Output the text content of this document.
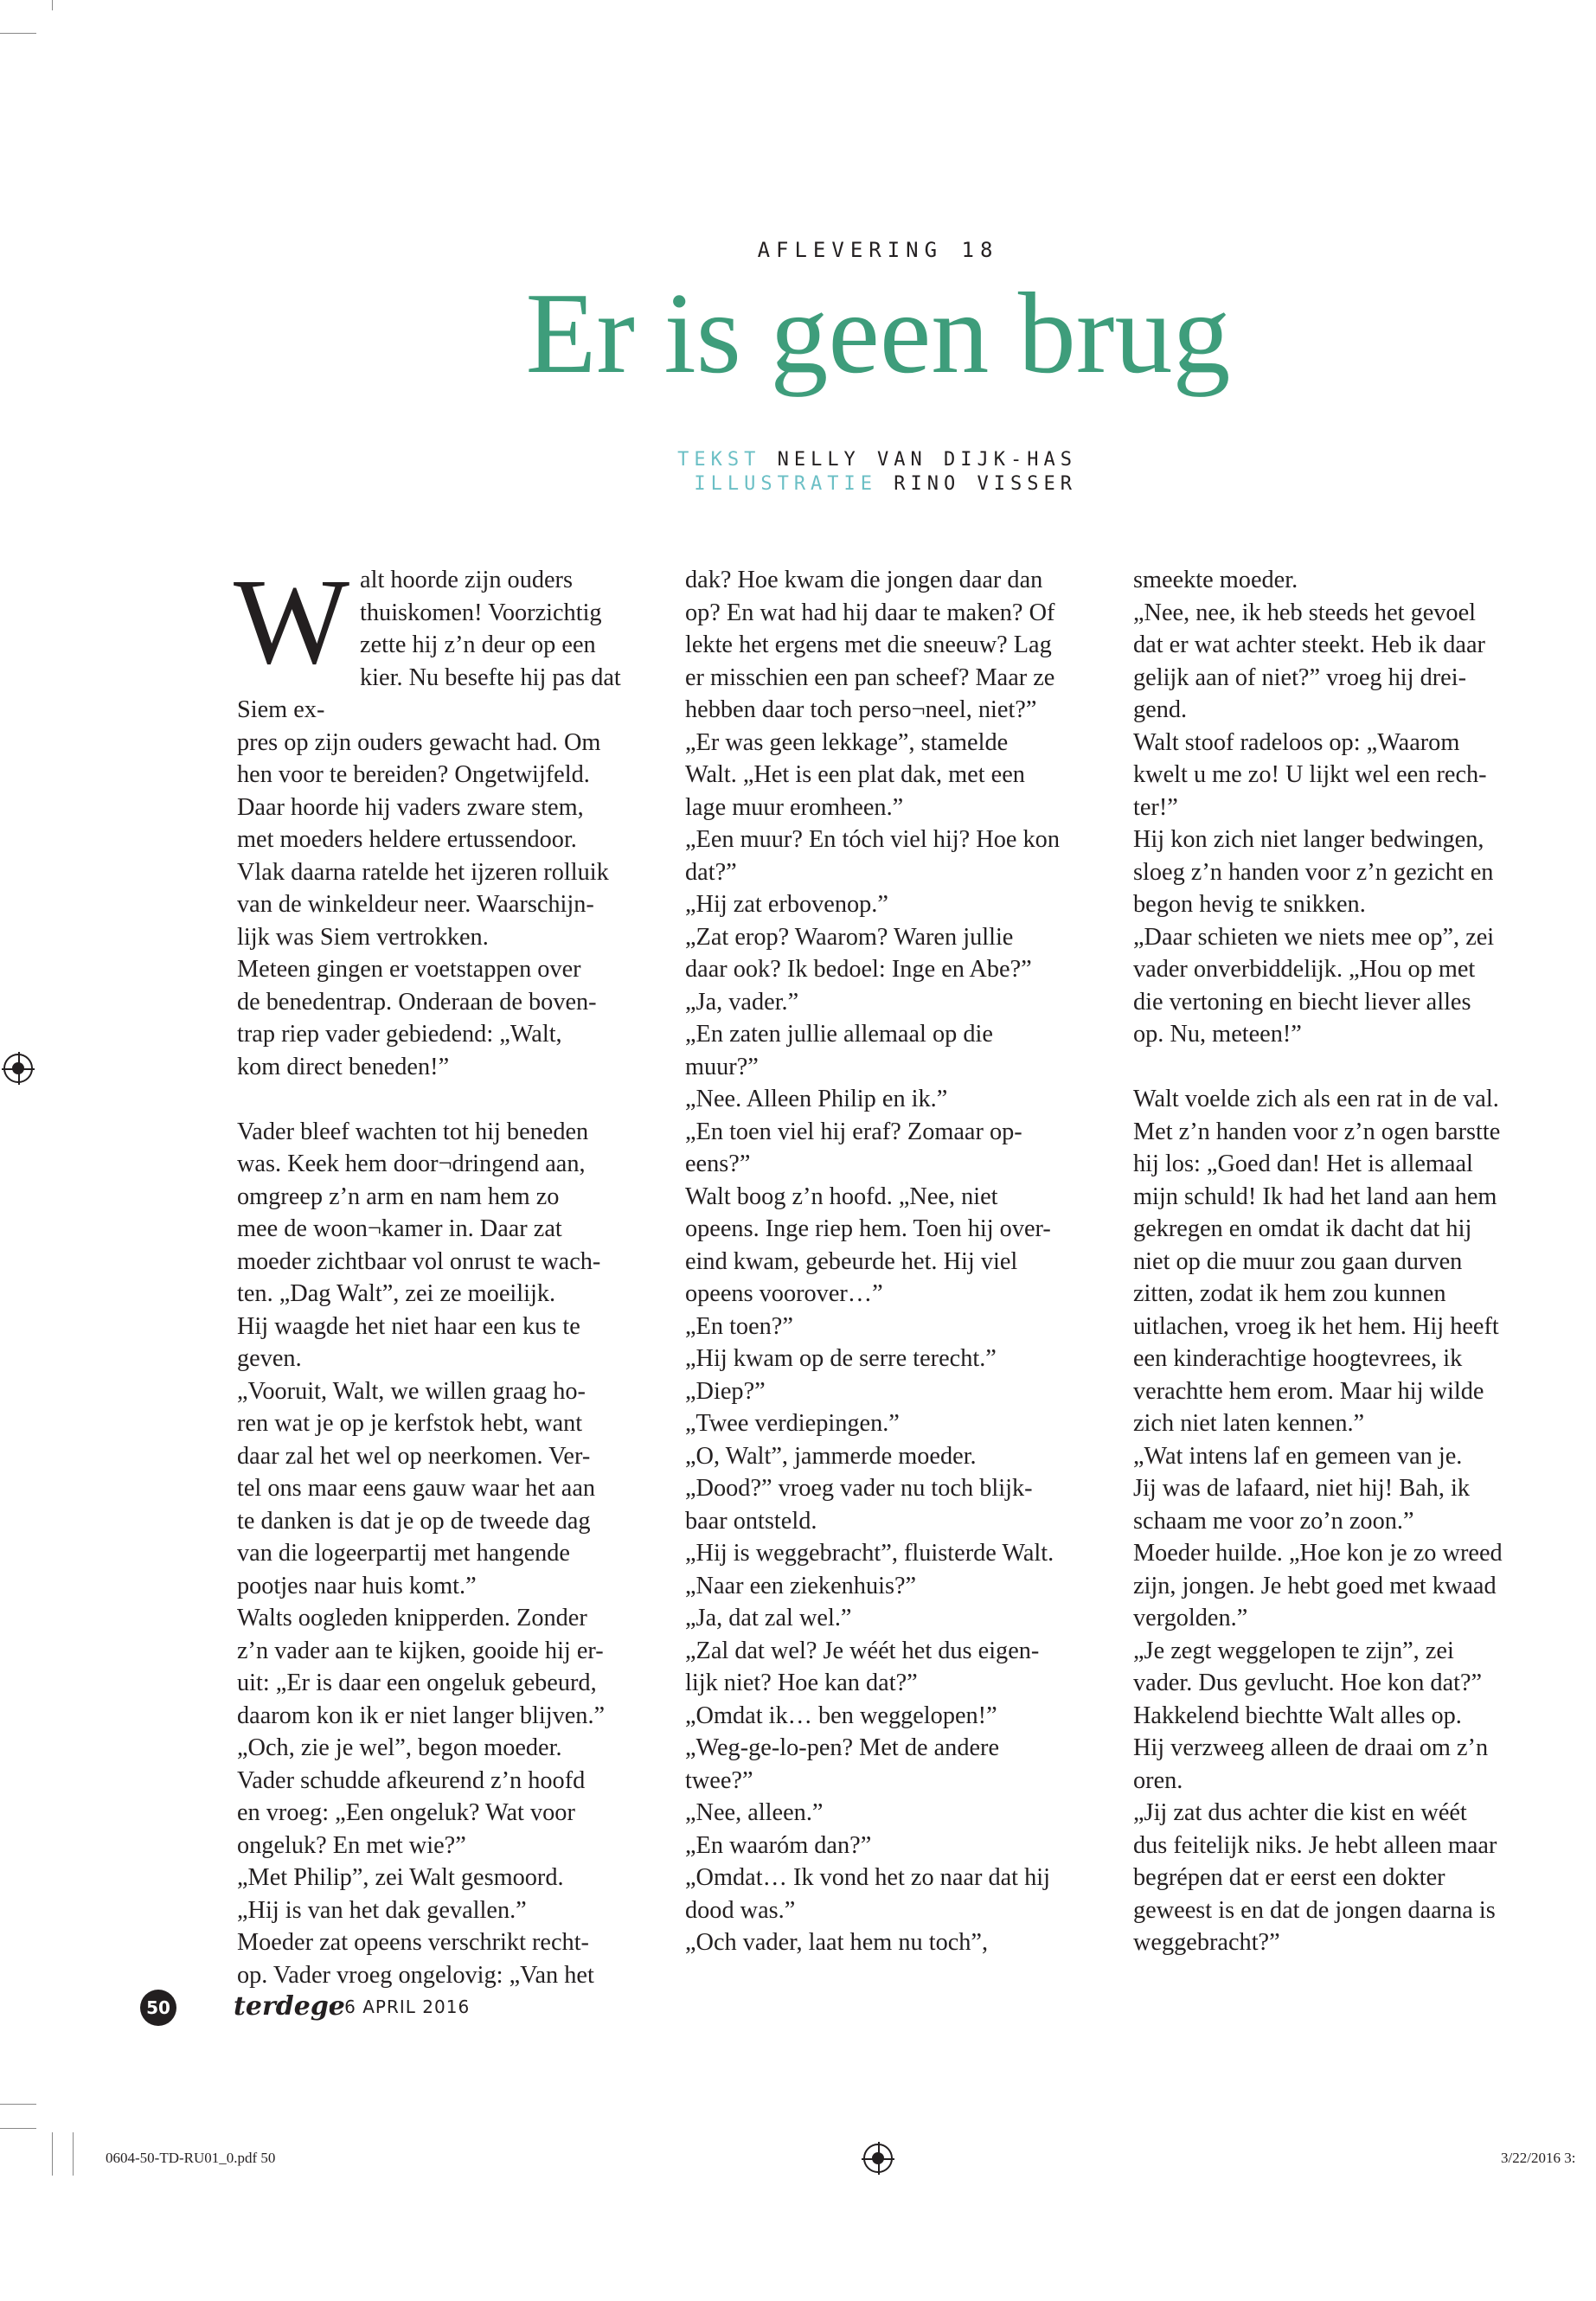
AFLEVERING 18
Er is geen brug
TEKST NELLY VAN DIJK-HAS
ILLUSTRATIE RINO VISSER
W alt hoorde zijn ouders

thuiskomen! Voorzichtig

zette hij z’n deur op een

kier. Nu besefte hij pas dat Siem ex-

pres op zijn ouders gewacht had. Om

hen voor te bereiden? Ongetwijfeld.

Daar hoorde hij vaders zware stem,

met moeders heldere ertussendoor.

Vlak daarna ratelde het ijzeren rolluik

van de winkeldeur neer. Waarschijn-

lijk was Siem vertrokken.

Meteen gingen er voetstappen over

de benedentrap. Onderaan de boven-

trap riep vader gebiedend: „Walt,

kom direct beneden!”

Vader bleef wachten tot hij beneden

was. Keek hem door¬dringend aan,

omgreep z’n arm en nam hem zo

mee de woon¬kamer in. Daar zat

moeder zichtbaar vol onrust te wach-

ten. „Dag Walt”, zei ze moeilijk.

Hij waagde het niet haar een kus te

geven.

„Vooruit, Walt, we willen graag ho-

ren wat je op je kerfstok hebt, want

daar zal het wel op neerkomen. Ver-

tel ons maar eens gauw waar het aan

te danken is dat je op de tweede dag

van die logeerpartij met hangende

pootjes naar huis komt.”

Walts oogleden knipperden. Zonder

z’n vader aan te kijken, gooide hij er-

uit: „Er is daar een ongeluk gebeurd,

daarom kon ik er niet langer blijven.”

„Och, zie je wel”, begon moeder.

Vader schudde afkeurend z’n hoofd

en vroeg: „Een ongeluk? Wat voor

ongeluk? En met wie?”

„Met Philip”, zei Walt gesmoord.

„Hij is van het dak gevallen.”

Moeder zat opeens verschrikt recht-

op. Vader vroeg ongelovig: „Van het

dak? Hoe kwam die jongen daar dan

op? En wat had hij daar te maken? Of

lekte het ergens met die sneeuw? Lag

er misschien een pan scheef? Maar ze

hebben daar toch perso¬neel, niet?”

„Er was geen lekkage”, stamelde

Walt. „Het is een plat dak, met een

lage muur eromheen.”

„Een muur? En tóch viel hij? Hoe kon

dat?”

„Hij zat erbovenop.”

„Zat erop? Waarom? Waren jullie

daar ook? Ik bedoel: Inge en Abe?”

„Ja, vader.”

„En zaten jullie allemaal op die

muur?”

„Nee. Alleen Philip en ik.”

„En toen viel hij eraf? Zomaar op-

eens?”

Walt boog z’n hoofd. „Nee, niet

opeens. Inge riep hem. Toen hij over-

eind kwam, gebeurde het. Hij viel

opeens voorover…”

„En toen?”

„Hij kwam op de serre terecht.”

„Diep?”

„Twee verdiepingen.”

„O, Walt”, jammerde moeder.

„Dood?” vroeg vader nu toch blijk-

baar ontsteld.

„Hij is weggebracht”, fluisterde Walt.

„Naar een ziekenhuis?”

„Ja, dat zal wel.”

„Zal dat wel? Je wéét het dus eigen-

lijk niet? Hoe kan dat?”

„Omdat ik… ben weggelopen!”

„Weg-ge-lo-pen? Met de andere

twee?”

„Nee, alleen.”

„En waaróm dan?”

„Omdat… Ik vond het zo naar dat hij

dood was.”

„Och vader, laat hem nu toch”,

smeekte moeder.

„Nee, nee, ik heb steeds het gevoel

dat er wat achter steekt. Heb ik daar

gelijk aan of niet?” vroeg hij drei-

gend.

Walt stoof radeloos op: „Waarom

kwelt u me zo! U lijkt wel een rech-

ter!”

Hij kon zich niet langer bedwingen,

sloeg z’n handen voor z’n gezicht en

begon hevig te snikken.

„Daar schieten we niets mee op”, zei

vader onverbiddelijk. „Hou op met

die vertoning en biecht liever alles

op. Nu, meteen!”

Walt voelde zich als een rat in de val.

Met z’n handen voor z’n ogen barstte

hij los: „Goed dan! Het is allemaal

mijn schuld! Ik had het land aan hem

gekregen en omdat ik dacht dat hij

niet op die muur zou gaan durven

zitten, zodat ik hem zou kunnen

uitlachen, vroeg ik het hem. Hij heeft

een kinderachtige hoogtevrees, ik

verachtte hem erom. Maar hij wilde

zich niet laten kennen.”

„Wat intens laf en gemeen van je.

Jij was de lafaard, niet hij! Bah, ik

schaam me voor zo’n zoon.”

Moeder huilde. „Hoe kon je zo wreed

zijn, jongen. Je hebt goed met kwaad

vergolden.”

„Je zegt weggelopen te zijn”, zei

vader. Dus gevlucht. Hoe kon dat?”

Hakkelend biechtte Walt alles op.

Hij verzweeg alleen de draai om z’n

oren.

„Jij zat dus achter die kist en wéét

dus feitelijk niks. Je hebt alleen maar

begrépen dat er eerst een dokter

geweest is en dat de jongen daarna is

weggebracht?”

50 terdege
• 6 APRIL 2016
0604-50-TD-RU01_0.pdf 50	3/22/2016 3:
